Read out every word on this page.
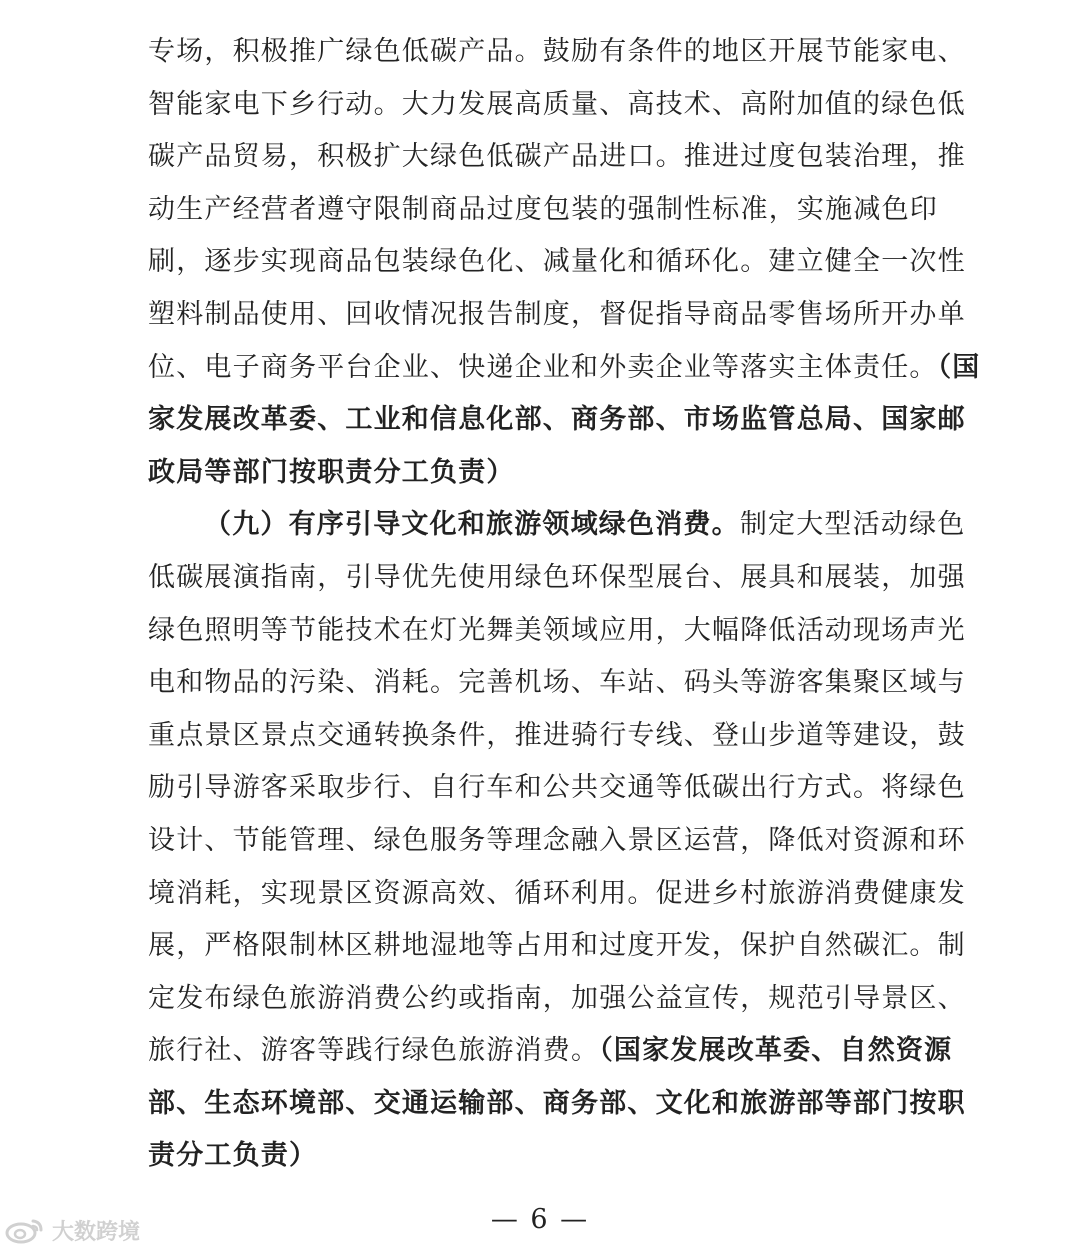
专场，积极推广绿色低碳产品。鼓励有条件的地区开展节能家电、
智能家电下乡行动。大力发展高质量、高技术、高附加值的绿色低
碳产品贸易，积极扩大绿色低碳产品进口。推进过度包装治理，推
动生产经营者遵守限制商品过度包装的强制性标准，实施减色印
刷，逐步实现商品包装绿色化、减量化和循环化。建立健全一次性
塑料制品使用、回收情况报告制度，督促指导商品零售场所开办单
位、电子商务平台企业、快递企业和外卖企业等落实主体责任。（国
家发展改革委、工业和信息化部、商务部、市场监管总局、国家邮
政局等部门按职责分工负责）
（九）有序引导文化和旅游领域绿色消费。制定大型活动绿色
低碳展演指南，引导优先使用绿色环保型展台、展具和展装，加强
绿色照明等节能技术在灯光舞美领域应用，大幅降低活动现场声光
电和物品的污染、消耗。完善机场、车站、码头等游客集聚区域与
重点景区景点交通转换条件，推进骑行专线、登山步道等建设，鼓
励引导游客采取步行、自行车和公共交通等低碳出行方式。将绿色
设计、节能管理、绿色服务等理念融入景区运营，降低对资源和环
境消耗，实现景区资源高效、循环利用。促进乡村旅游消费健康发
展，严格限制林区耕地湿地等占用和过度开发，保护自然碳汇。制
定发布绿色旅游消费公约或指南，加强公益宣传，规范引导景区、
旅行社、游客等践行绿色旅游消费。（国家发展改革委、自然资源
部、生态环境部、交通运输部、商务部、文化和旅游部等部门按职
责分工负责）
— 6 —
大数跨境
